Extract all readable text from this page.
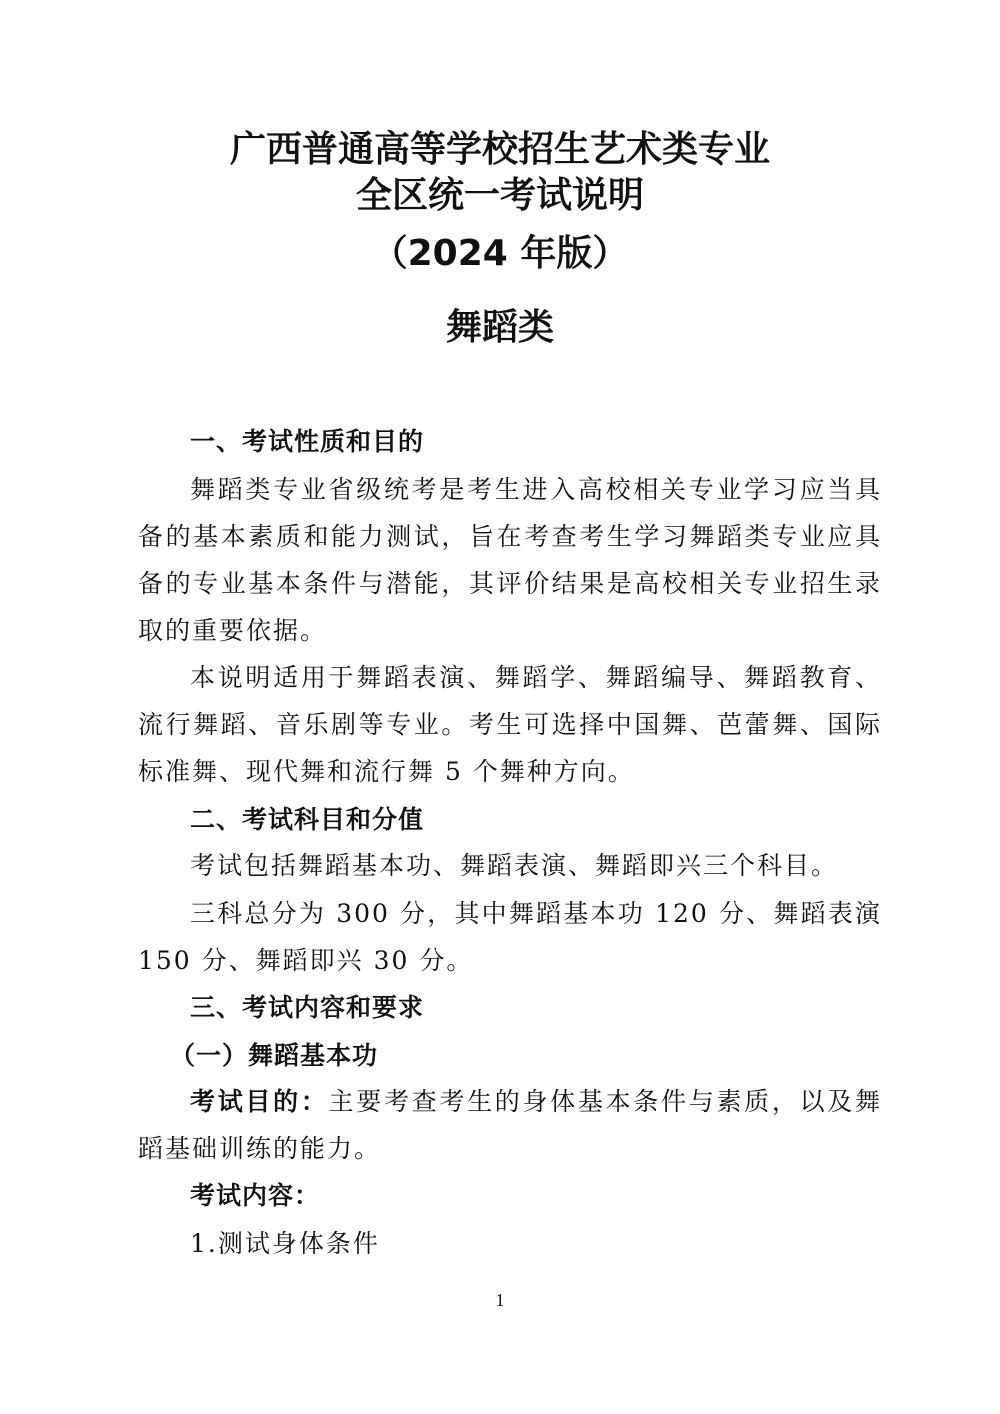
广西普通高等学校招生艺术类专业
全区统一考试说明
（2024 年版）
舞蹈类

一、考试性质和目的

舞蹈类专业省级统考是考生进入高校相关专业学习应当具备的基本素质和能力测试，旨在考查考生学习舞蹈类专业应具备的专业基本条件与潜能，其评价结果是高校相关专业招生录取的重要依据。

本说明适用于舞蹈表演、舞蹈学、舞蹈编导、舞蹈教育、流行舞蹈、音乐剧等专业。考生可选择中国舞、芭蕾舞、国际标准舞、现代舞和流行舞 5 个舞种方向。

二、考试科目和分值

考试包括舞蹈基本功、舞蹈表演、舞蹈即兴三个科目。

三科总分为 300 分，其中舞蹈基本功 120 分、舞蹈表演 150 分、舞蹈即兴 30 分。

三、考试内容和要求

（一）舞蹈基本功

考试目的：主要考查考生的身体基本条件与素质，以及舞蹈基础训练的能力。

考试内容：

1.测试身体条件

1
